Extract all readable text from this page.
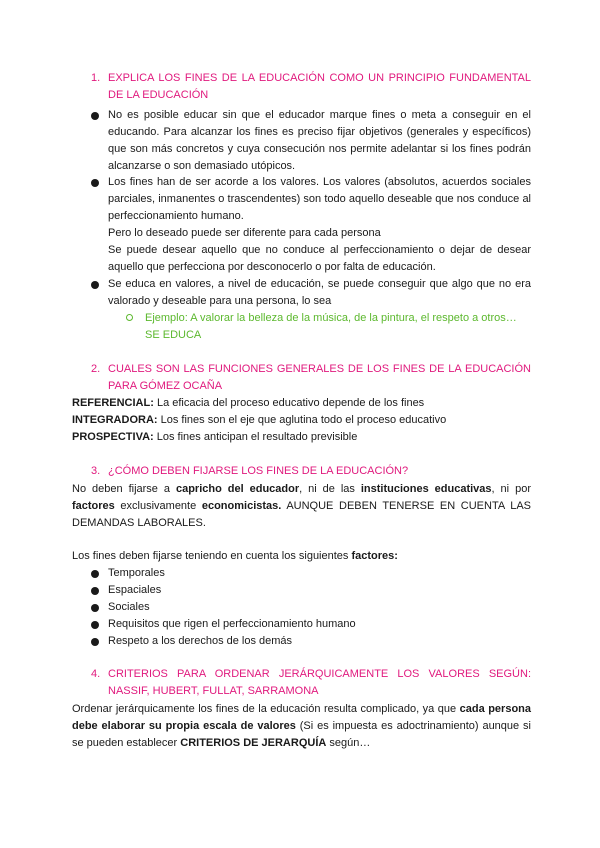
1. EXPLICA LOS FINES DE LA EDUCACIÓN COMO UN PRINCIPIO FUNDAMENTAL DE LA EDUCACIÓN
No es posible educar sin que el educador marque fines o meta a conseguir en el educando. Para alcanzar los fines es preciso fijar objetivos (generales y específicos) que son más concretos y cuya consecución nos permite adelantar si los fines podrán alcanzarse o son demasiado utópicos.
Los fines han de ser acorde a los valores. Los valores (absolutos, acuerdos sociales parciales, inmanentes o trascendentes) son todo aquello deseable que nos conduce al perfeccionamiento humano.
Pero lo deseado puede ser diferente para cada persona
Se puede desear aquello que no conduce al perfeccionamiento o dejar de desear aquello que perfecciona por desconocerlo o por falta de educación.
Se educa en valores, a nivel de educación, se puede conseguir que algo que no era valorado y deseable para una persona, lo sea
Ejemplo: A valorar la belleza de la música, de la pintura, el respeto a otros… SE EDUCA
2. CUALES SON LAS FUNCIONES GENERALES DE LOS FINES DE LA EDUCACIÓN PARA GÓMEZ OCAÑA
REFERENCIAL: La eficacia del proceso educativo depende de los fines
INTEGRADORA: Los fines son el eje que aglutina todo el proceso educativo
PROSPECTIVA: Los fines anticipan el resultado previsible
3. ¿CÓMO DEBEN FIJARSE LOS FINES DE LA EDUCACIÓN?
No deben fijarse a capricho del educador, ni de las instituciones educativas, ni por factores exclusivamente economicistas. AUNQUE DEBEN TENERSE EN CUENTA LAS DEMANDAS LABORALES.
Los fines deben fijarse teniendo en cuenta los siguientes factores:
Temporales
Espaciales
Sociales
Requisitos que rigen el perfeccionamiento humano
Respeto a los derechos de los demás
4. CRITERIOS PARA ORDENAR JERÁRQUICAMENTE LOS VALORES SEGÚN: NASSIF, HUBERT, FULLAT, SARRAMONA
Ordenar jerárquicamente los fines de la educación resulta complicado, ya que cada persona debe elaborar su propia escala de valores (Si es impuesta es adoctrinamiento) aunque si se pueden establecer CRITERIOS DE JERARQUÍA según…
